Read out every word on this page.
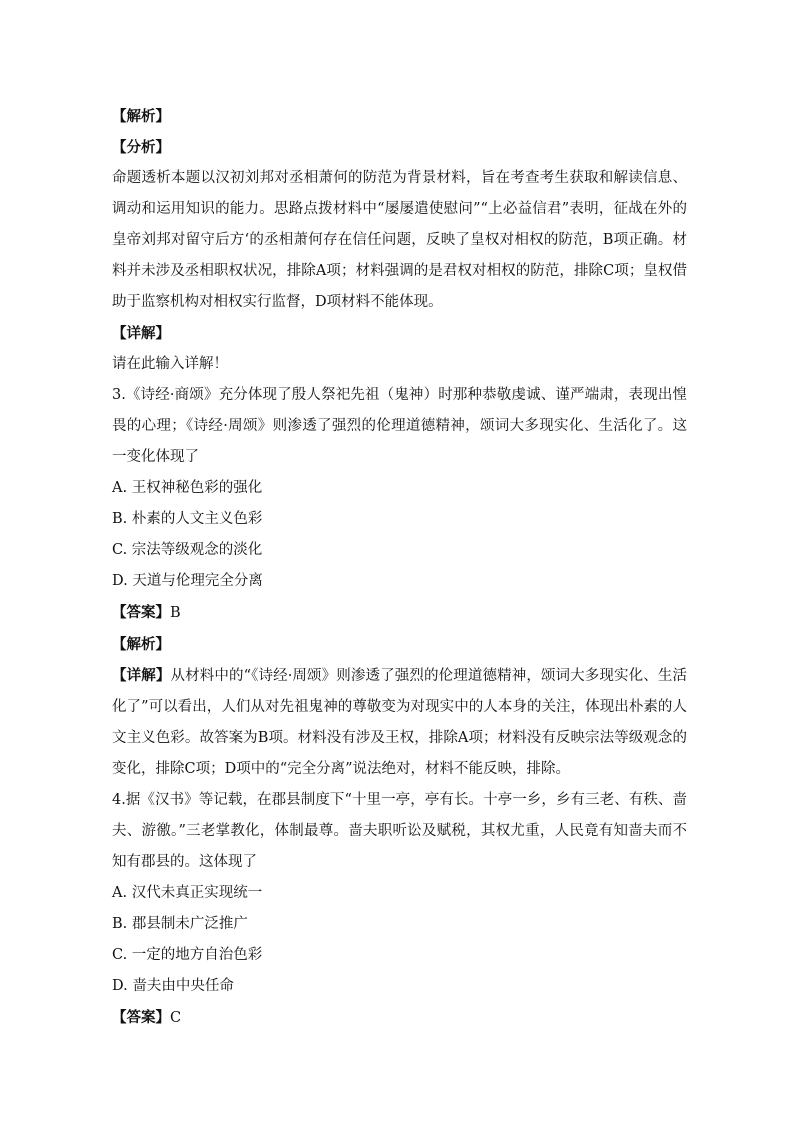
【解析】
【分析】
命题透析本题以汉初刘邦对丞相萧何的防范为背景材料，旨在考查考生获取和解读信息、调动和运用知识的能力。思路点拨材料中“屡屡遣使慰问”“上必益信君”表明，征战在外的皇帝刘邦对留守后方‘的丞相萧何存在信任问题，反映了皇权对相权的防范，B项正确。材料并未涉及丞相职权状况，排除A项；材料强调的是君权对相权的防范，排除C项；皇权借助于监察机构对相权实行监督，D项材料不能体现。
【详解】
请在此输入详解！
3.《诗经·商颂》充分体现了殷人祭祀先祖（鬼神）时那种恭敬虔诚、谨严端肃，表现出惶畏的心理；《诗经·周颂》则渗透了强烈的伦理道德精神，颂词大多现实化、生活化了。这一变化体现了
A. 王权神秘色彩的强化
B. 朴素的人文主义色彩
C. 宗法等级观念的淡化
D. 天道与伦理完全分离
【答案】B
【解析】
【详解】从材料中的“《诗经·周颂》则渗透了强烈的伦理道德精神，颂词大多现实化、生活化了”可以看出，人们从对先祖鬼神的尊敬变为对现实中的人本身的关注，体现出朴素的人文主义色彩。故答案为B项。材料没有涉及王权，排除A项；材料没有反映宗法等级观念的变化，排除C项；D项中的“完全分离”说法绝对，材料不能反映，排除。
4.据《汉书》等记载，在郡县制度下“十里一亭，亭有长。十亭一乡，乡有三老、有秩、啬夫、游徼。”三老掌教化，体制最尊。啬夫职听讼及赋税，其权尤重，人民竟有知啬夫而不知有郡县的。这体现了
A. 汉代未真正实现统一
B. 郡县制未广泛推广
C. 一定的地方自治色彩
D. 啬夫由中央任命
【答案】C
